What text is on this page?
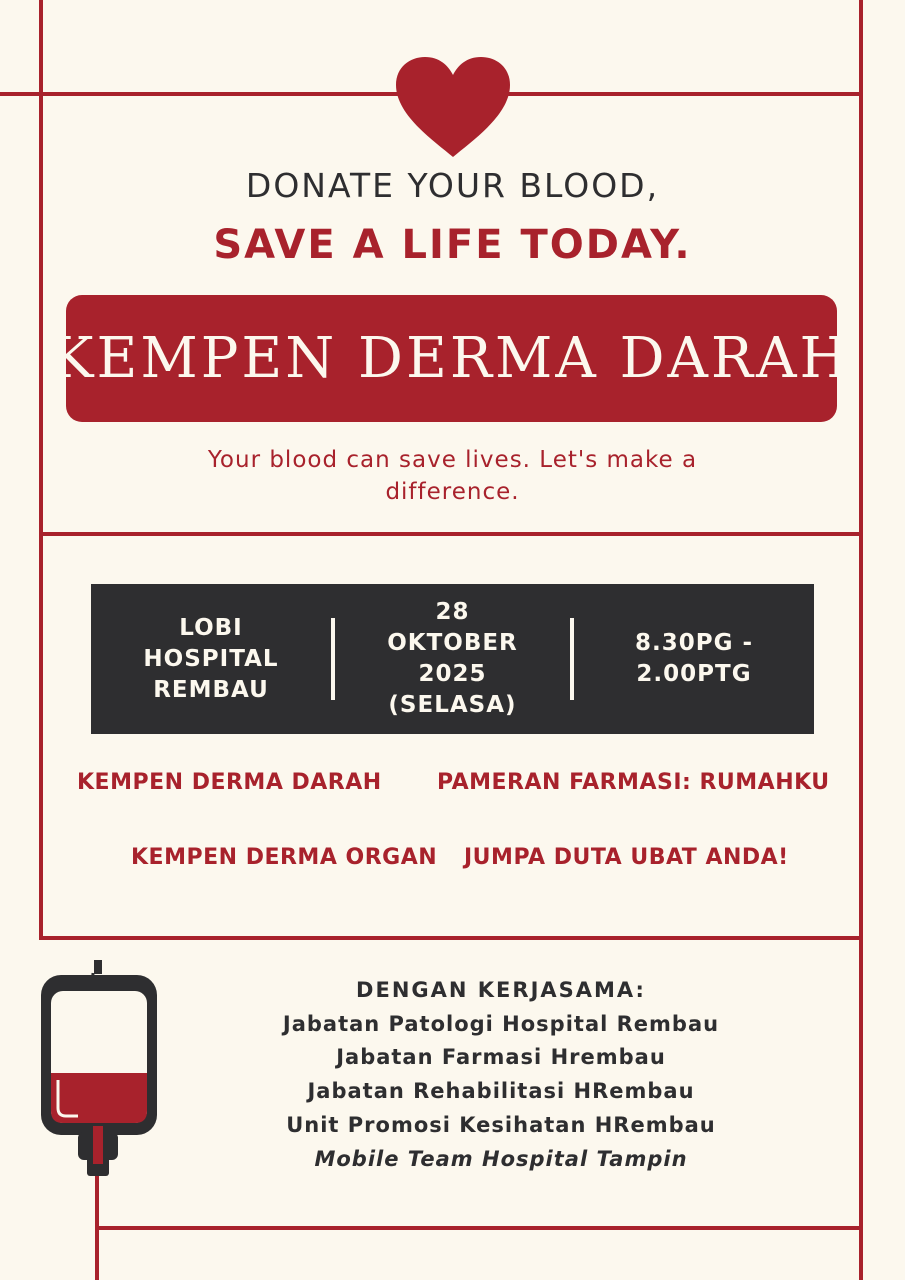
DONATE YOUR BLOOD,
SAVE A LIFE TODAY.
KEMPEN DERMA DARAH
Your blood can save lives. Let's make a difference.
LOBI
HOSPITAL
REMBAU
28
OKTOBER
2025
(SELASA)
8.30PG -
2.00PTG
KEMPEN DERMA DARAH	PAMERAN FARMASI: RUMAHKU
KEMPEN DERMA ORGAN JUMPA DUTA UBAT ANDA!
DENGAN KERJASAMA:
Jabatan Patologi Hospital Rembau
Jabatan Farmasi Hrembau
Jabatan Rehabilitasi HRembau
Unit Promosi Kesihatan HRembau
Mobile Team Hospital Tampin
